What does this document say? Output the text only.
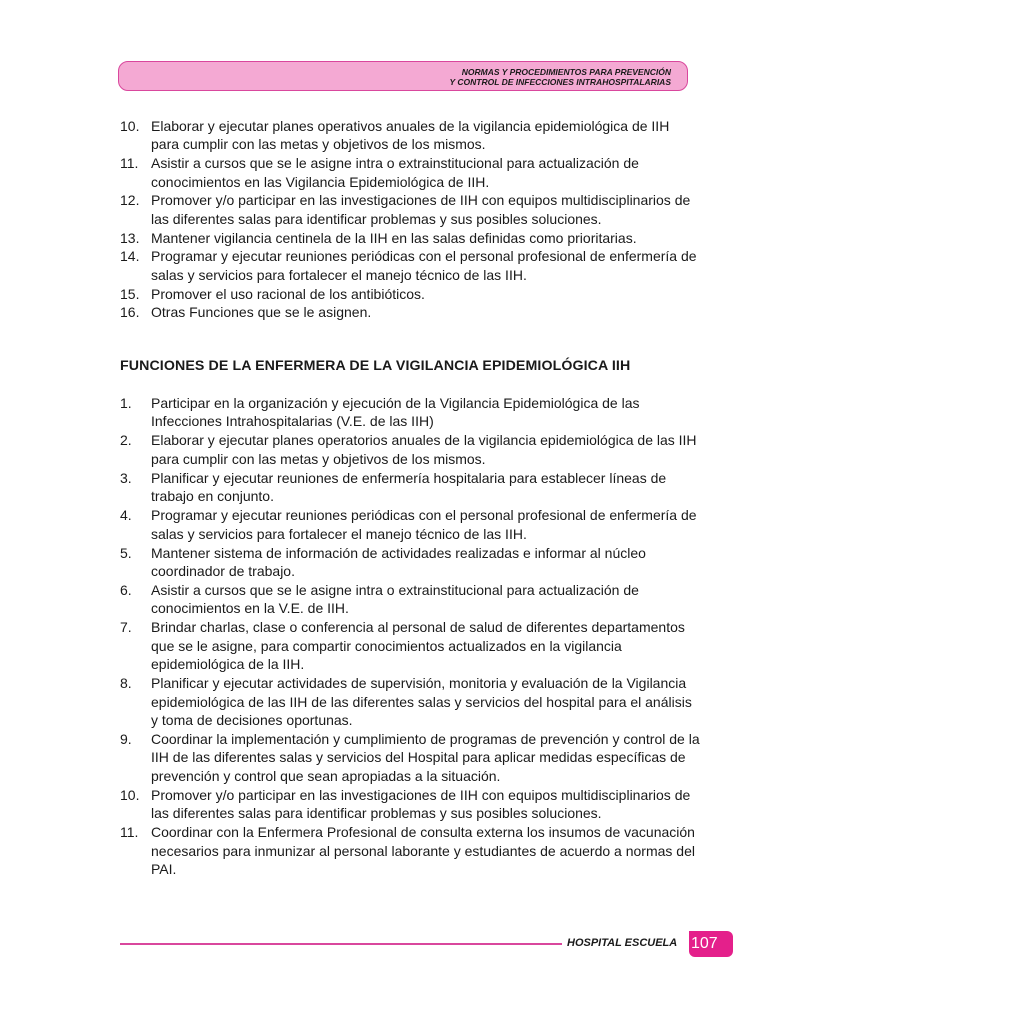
NORMAS Y PROCEDIMIENTOS PARA PREVENCIÓN
Y CONTROL DE INFECCIONES INTRAHOSPITALARIAS
10. Elaborar y ejecutar planes operativos anuales de la vigilancia epidemiológica de IIH para cumplir con las metas y objetivos de los mismos.
11. Asistir a cursos que se le asigne intra o extrainstitucional para actualización de conocimientos en las Vigilancia Epidemiológica de IIH.
12. Promover y/o participar en las investigaciones de IIH con equipos multidisciplinarios de las diferentes salas para identificar problemas y sus posibles soluciones.
13. Mantener vigilancia centinela de la IIH en las salas definidas como prioritarias.
14. Programar y ejecutar reuniones periódicas con el personal profesional de enfermería de salas y servicios para fortalecer el manejo técnico de las IIH.
15. Promover el uso racional de los antibióticos.
16. Otras Funciones que se le asignen.
FUNCIONES DE LA ENFERMERA DE LA VIGILANCIA EPIDEMIOLÓGICA IIH
1. Participar en la organización y ejecución de la Vigilancia Epidemiológica de las Infecciones Intrahospitalarias (V.E. de las IIH)
2. Elaborar y ejecutar planes operatorios anuales de la vigilancia epidemiológica de las IIH para cumplir con las metas y objetivos de los mismos.
3. Planificar y ejecutar reuniones de enfermería hospitalaria para establecer líneas de trabajo en conjunto.
4. Programar y ejecutar reuniones periódicas con el personal profesional de enfermería de salas y servicios para fortalecer el manejo técnico de las IIH.
5. Mantener sistema de información de actividades realizadas e informar al núcleo coordinador de trabajo.
6. Asistir a cursos que se le asigne intra o extrainstitucional para actualización de conocimientos en la V.E. de IIH.
7. Brindar charlas, clase o conferencia al personal de salud de diferentes departamentos que se le asigne, para compartir conocimientos actualizados en la vigilancia epidemiológica de la IIH.
8. Planificar y ejecutar actividades de supervisión, monitoria y evaluación de la Vigilancia epidemiológica de las IIH de las diferentes salas y servicios del hospital para el análisis y toma de decisiones oportunas.
9. Coordinar la implementación y cumplimiento de programas de prevención y control de la IIH de las diferentes salas y servicios del Hospital para aplicar medidas específicas de prevención y control que sean apropiadas a la situación.
10. Promover y/o participar en las investigaciones de IIH con equipos multidisciplinarios de las diferentes salas para identificar problemas y sus posibles soluciones.
11. Coordinar con la Enfermera Profesional de consulta externa los insumos de vacunación necesarios para inmunizar al personal laborante y estudiantes de acuerdo a normas del PAI.
HOSPITAL ESCUELA 107
